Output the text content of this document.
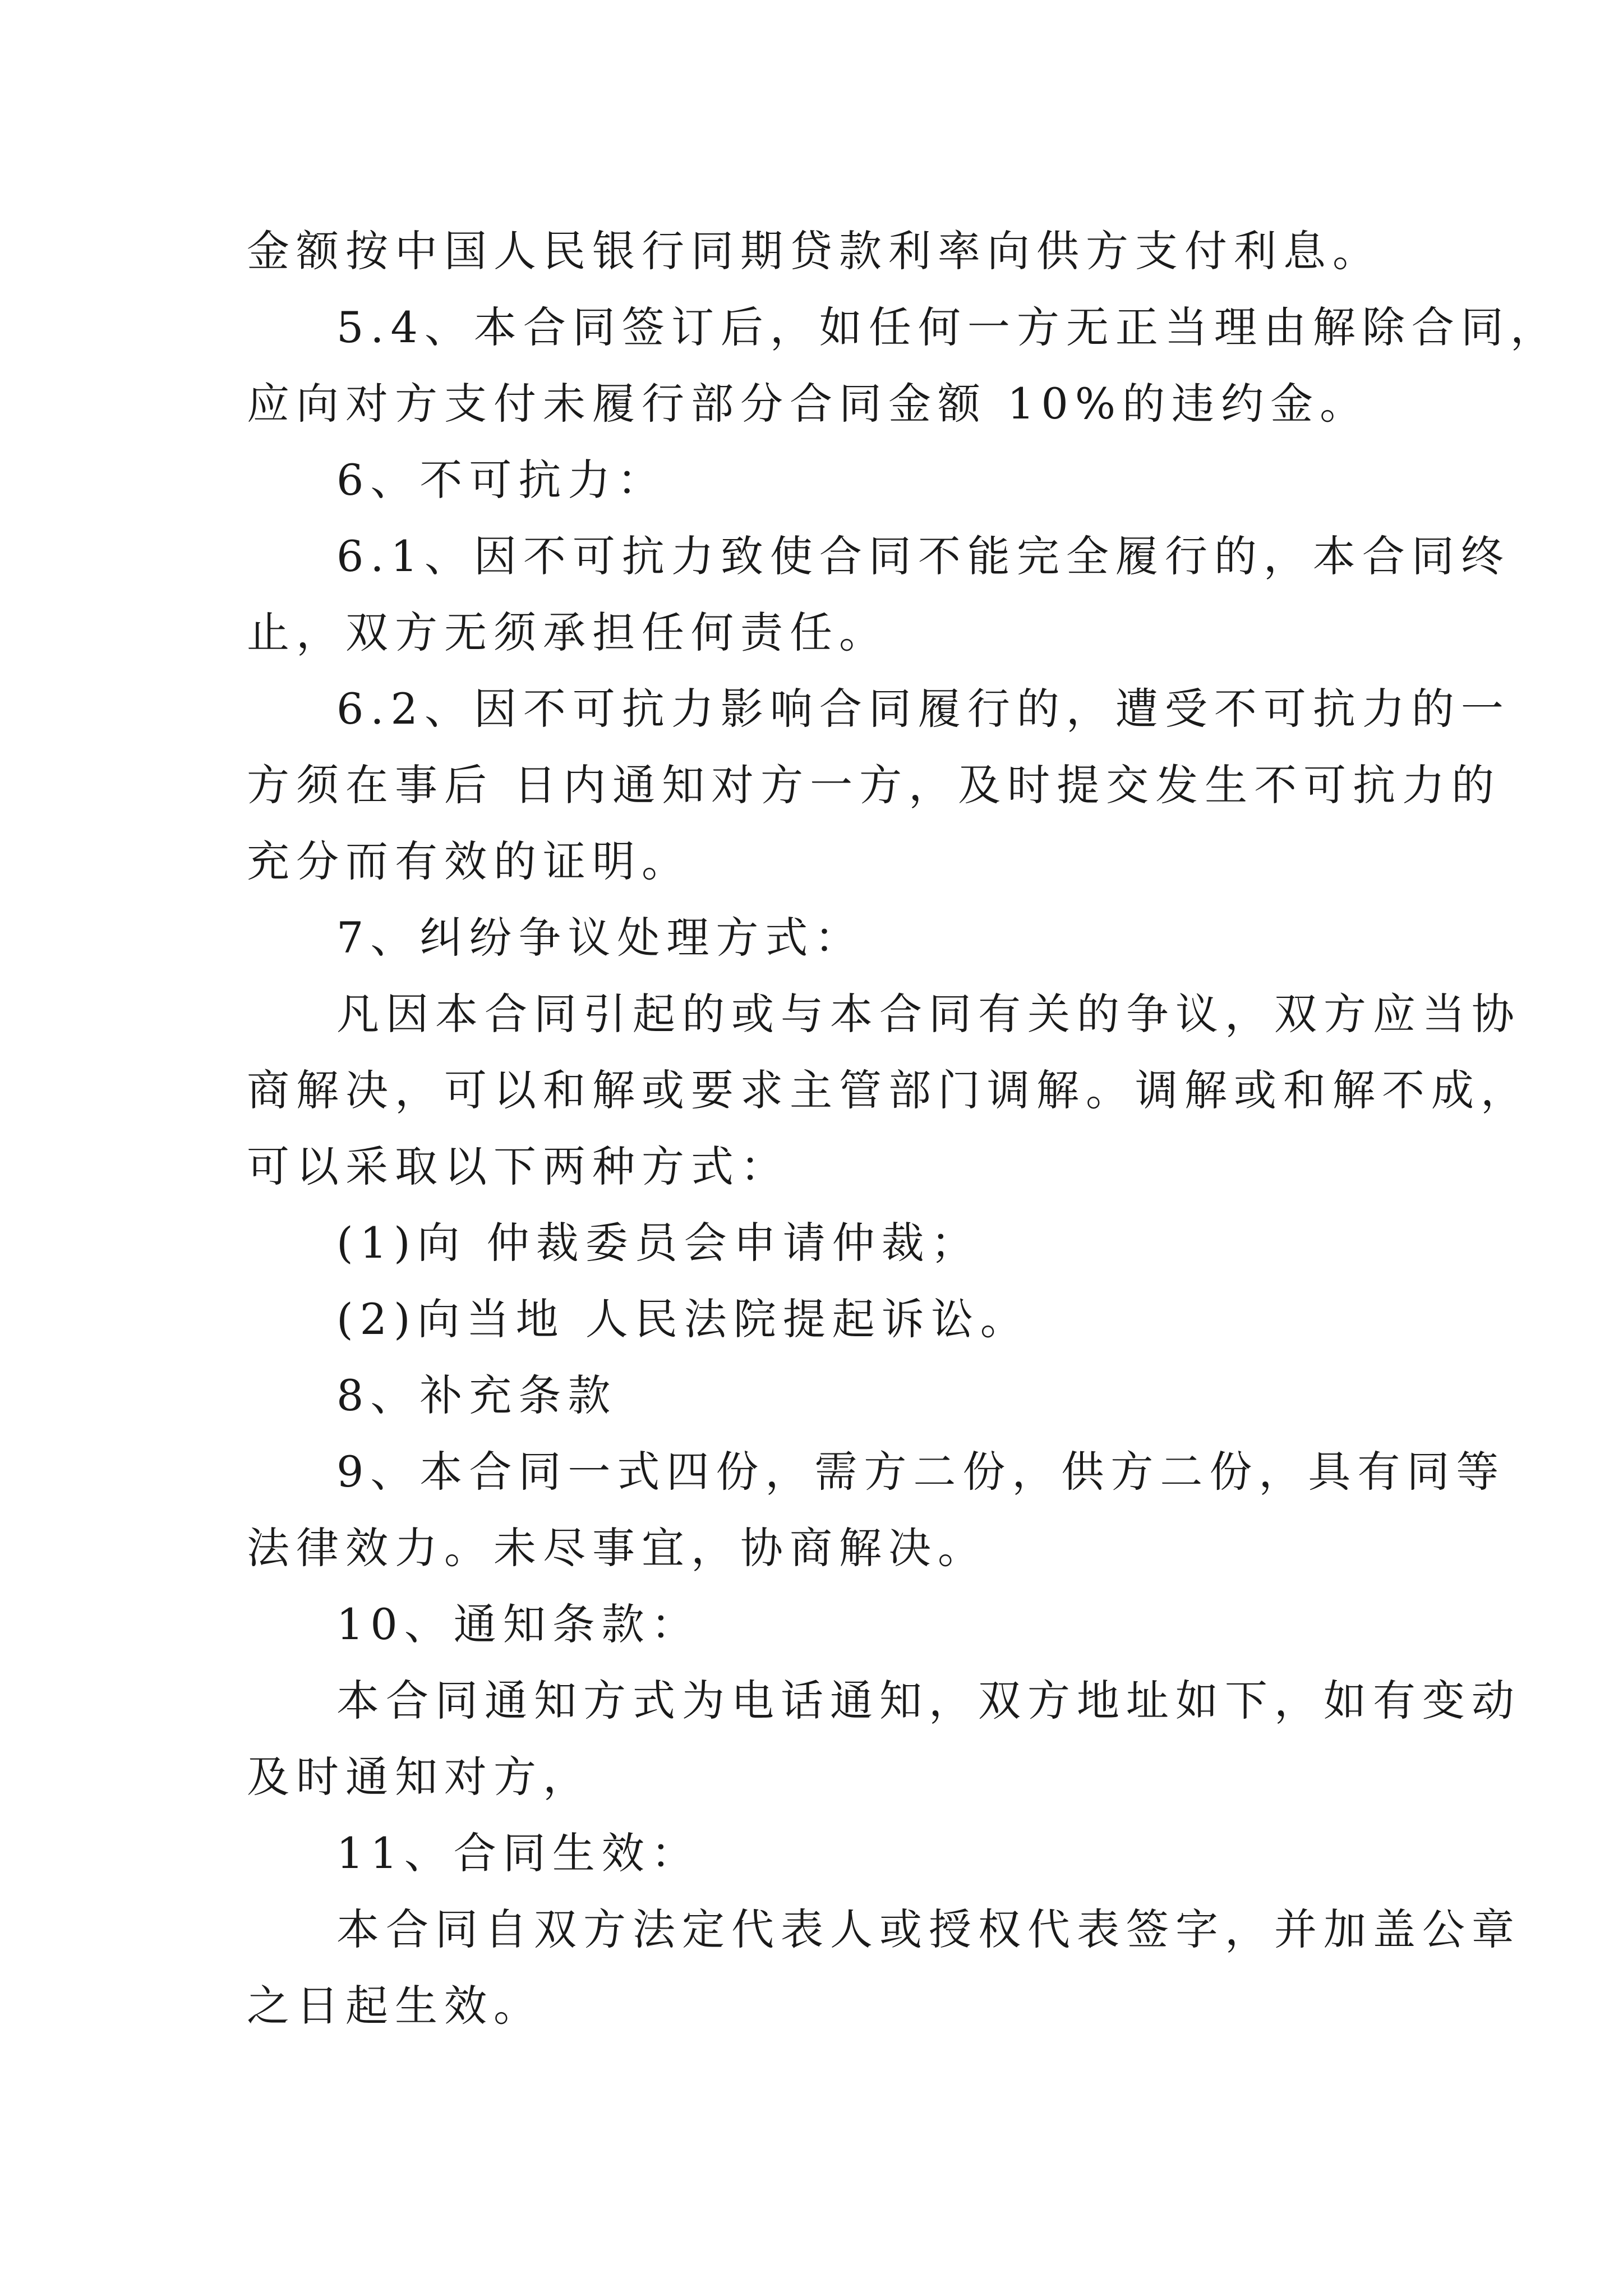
金额按中国人民银行同期贷款利率向供方支付利息。
5.4、本合同签订后，如任何一方无正当理由解除合同，
应向对方支付未履行部分合同金额 10%的违约金。
6、不可抗力：
6.1、因不可抗力致使合同不能完全履行的，本合同终
止，双方无须承担任何责任。
6.2、因不可抗力影响合同履行的，遭受不可抗力的一
方须在事后 日内通知对方一方，及时提交发生不可抗力的
充分而有效的证明。
7、纠纷争议处理方式：
凡因本合同引起的或与本合同有关的争议，双方应当协
商解决，可以和解或要求主管部门调解。调解或和解不成，
可以采取以下两种方式：
(1)向 仲裁委员会申请仲裁；
(2)向当地 人民法院提起诉讼。
8、补充条款
9、本合同一式四份，需方二份，供方二份，具有同等
法律效力。未尽事宜，协商解决。
10、通知条款：
本合同通知方式为电话通知，双方地址如下，如有变动
及时通知对方，
11、合同生效：
本合同自双方法定代表人或授权代表签字，并加盖公章
之日起生效。
